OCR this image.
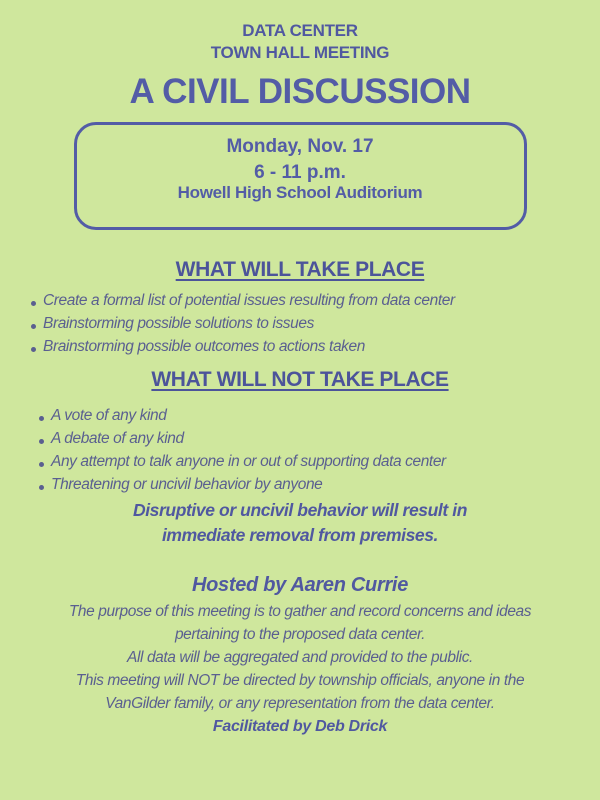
DATA CENTER
TOWN HALL MEETING
A CIVIL DISCUSSION
Monday, Nov. 17
6 - 11 p.m.
Howell High School Auditorium
WHAT WILL TAKE PLACE
Create a formal list of potential issues resulting from data center
Brainstorming possible solutions to issues
Brainstorming possible outcomes to actions taken
WHAT WILL NOT TAKE PLACE
A vote of any kind
A debate of any kind
Any attempt to talk anyone in or out of supporting data center
Threatening or uncivil behavior by anyone
Disruptive or uncivil behavior will result in
immediate removal from premises.
Hosted by Aaren Currie
The purpose of this meeting is to gather and record concerns and ideas
pertaining to the proposed data center.
All data will be aggregated and provided to the public.
This meeting will NOT be directed by township officials, anyone in the
VanGilder family, or any representation from the data center.
Facilitated by Deb Drick
